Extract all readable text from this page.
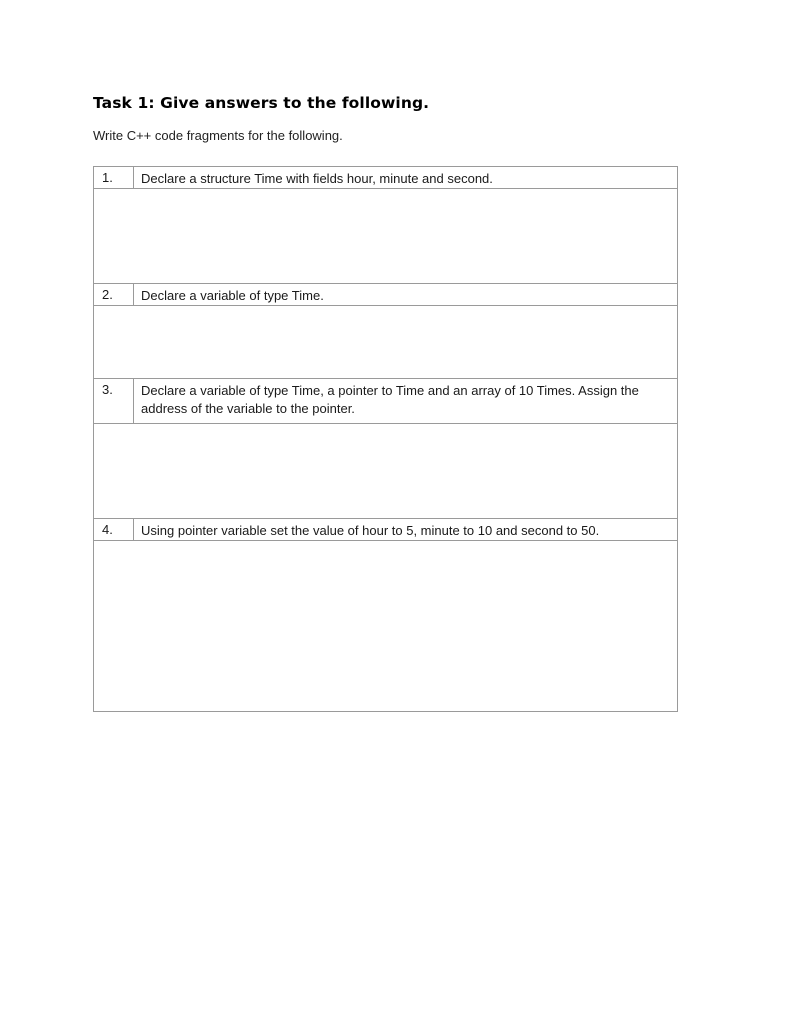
Task 1: Give answers to the following.

Write C++ code fragments for the following.

1.	Declare a structure Time with fields hour, minute and second.

2.	Declare a variable of type Time.

3.	Declare a variable of type Time, a pointer to Time and an array of 10 Times. Assign the address of the variable to the pointer.

4.	Using pointer variable set the value of hour to 5, minute to 10 and second to 50.
